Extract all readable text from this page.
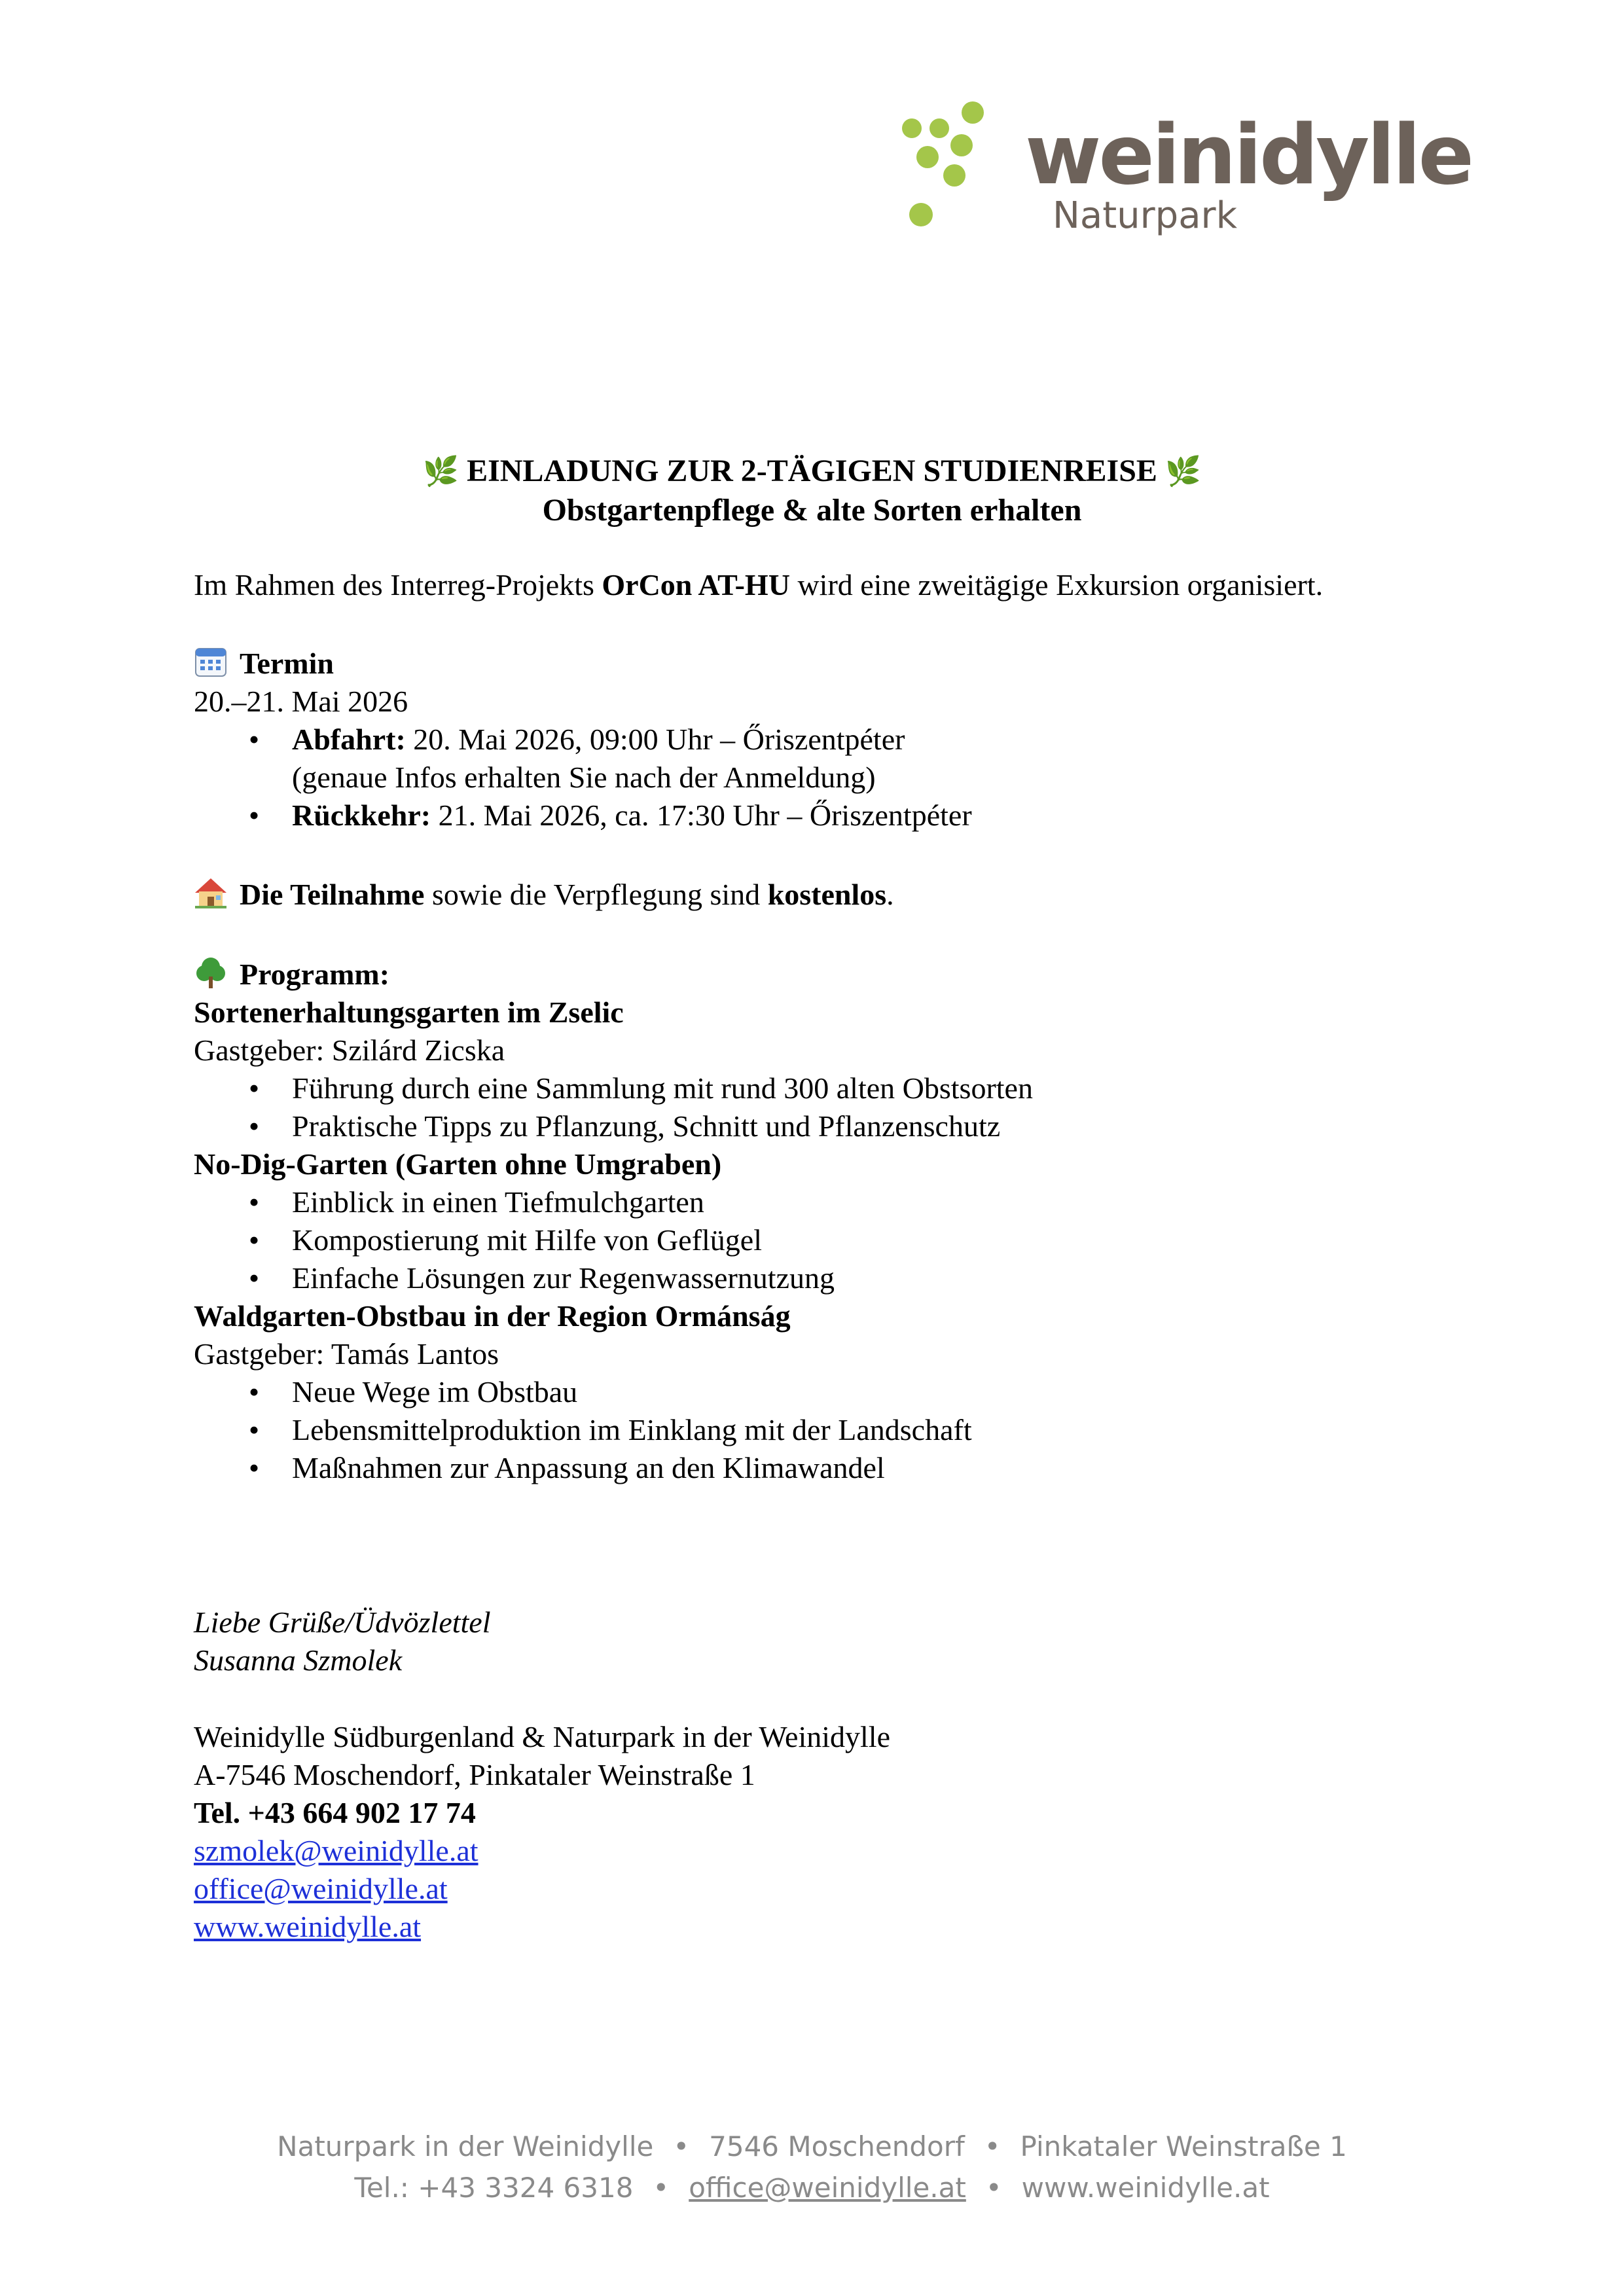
weinidylle
Naturpark
🌿 EINLADUNG ZUR 2-TÄGIGEN STUDIENREISE 🌿
Obstgartenpflege & alte Sorten erhalten
Im Rahmen des Interreg-Projekts OrCon AT-HU wird eine zweitägige Exkursion organisiert.
Termin
20.–21. Mai 2026
• Abfahrt: 20. Mai 2026, 09:00 Uhr – Őriszentpéter
(genaue Infos erhalten Sie nach der Anmeldung)
• Rückkehr: 21. Mai 2026, ca. 17:30 Uhr – Őriszentpéter
Die Teilnahme sowie die Verpflegung sind kostenlos.
Programm:
Sortenerhaltungsgarten im Zselic
Gastgeber: Szilárd Zicska
• Führung durch eine Sammlung mit rund 300 alten Obstsorten
• Praktische Tipps zu Pflanzung, Schnitt und Pflanzenschutz
No-Dig-Garten (Garten ohne Umgraben)
• Einblick in einen Tiefmulchgarten
• Kompostierung mit Hilfe von Geflügel
• Einfache Lösungen zur Regenwassernutzung
Waldgarten-Obstbau in der Region Ormánság
Gastgeber: Tamás Lantos
• Neue Wege im Obstbau
• Lebensmittelproduktion im Einklang mit der Landschaft
• Maßnahmen zur Anpassung an den Klimawandel
Liebe Grüße/Üdvözlettel
Susanna Szmolek
Weinidylle Südburgenland & Naturpark in der Weinidylle
A-7546 Moschendorf, Pinkataler Weinstraße 1
Tel. +43 664 902 17 74
szmolek@weinidylle.at
office@weinidylle.at
www.weinidylle.at
Naturpark in der Weinidylle • 7546 Moschendorf • Pinkataler Weinstraße 1
Tel.: +43 3324 6318 • office@weinidylle.at • www.weinidylle.at
